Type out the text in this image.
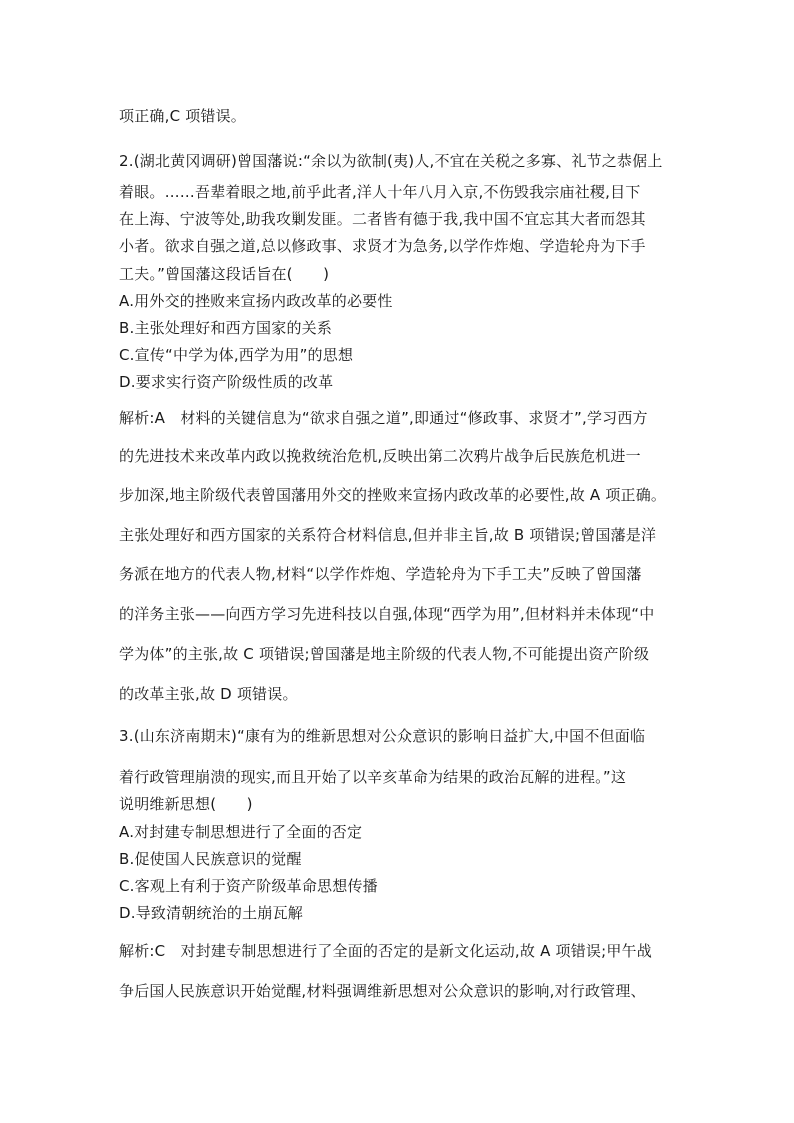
项正确,C 项错误。
2.(湖北黄冈调研)曾国藩说:“余以为欲制(夷)人,不宜在关税之多寡、礼节之恭倨上
着眼。……吾辈着眼之地,前乎此者,洋人十年八月入京,不伤毁我宗庙社稷,目下
在上海、宁波等处,助我攻剿发匪。二者皆有德于我,我中国不宜忘其大者而怨其
小者。欲求自强之道,总以修政事、求贤才为急务,以学作炸炮、学造轮舟为下手
工夫。”曾国藩这段话旨在(　　)
A.用外交的挫败来宣扬内政改革的必要性
B.主张处理好和西方国家的关系
C.宣传“中学为体,西学为用”的思想
D.要求实行资产阶级性质的改革
解析:A　材料的关键信息为“欲求自强之道”,即通过“修政事、求贤才”,学习西方
的先进技术来改革内政以挽救统治危机,反映出第二次鸦片战争后民族危机进一
步加深,地主阶级代表曾国藩用外交的挫败来宣扬内政改革的必要性,故 A 项正确。
主张处理好和西方国家的关系符合材料信息,但并非主旨,故 B 项错误;曾国藩是洋
务派在地方的代表人物,材料“以学作炸炮、学造轮舟为下手工夫”反映了曾国藩
的洋务主张——向西方学习先进科技以自强,体现“西学为用”,但材料并未体现“中
学为体”的主张,故 C 项错误;曾国藩是地主阶级的代表人物,不可能提出资产阶级
的改革主张,故 D 项错误。
3.(山东济南期末)“康有为的维新思想对公众意识的影响日益扩大,中国不但面临
着行政管理崩溃的现实,而且开始了以辛亥革命为结果的政治瓦解的进程。”这
说明维新思想(　　)
A.对封建专制思想进行了全面的否定
B.促使国人民族意识的觉醒
C.客观上有利于资产阶级革命思想传播
D.导致清朝统治的土崩瓦解
解析:C　对封建专制思想进行了全面的否定的是新文化运动,故 A 项错误;甲午战
争后国人民族意识开始觉醒,材料强调维新思想对公众意识的影响,对行政管理、
